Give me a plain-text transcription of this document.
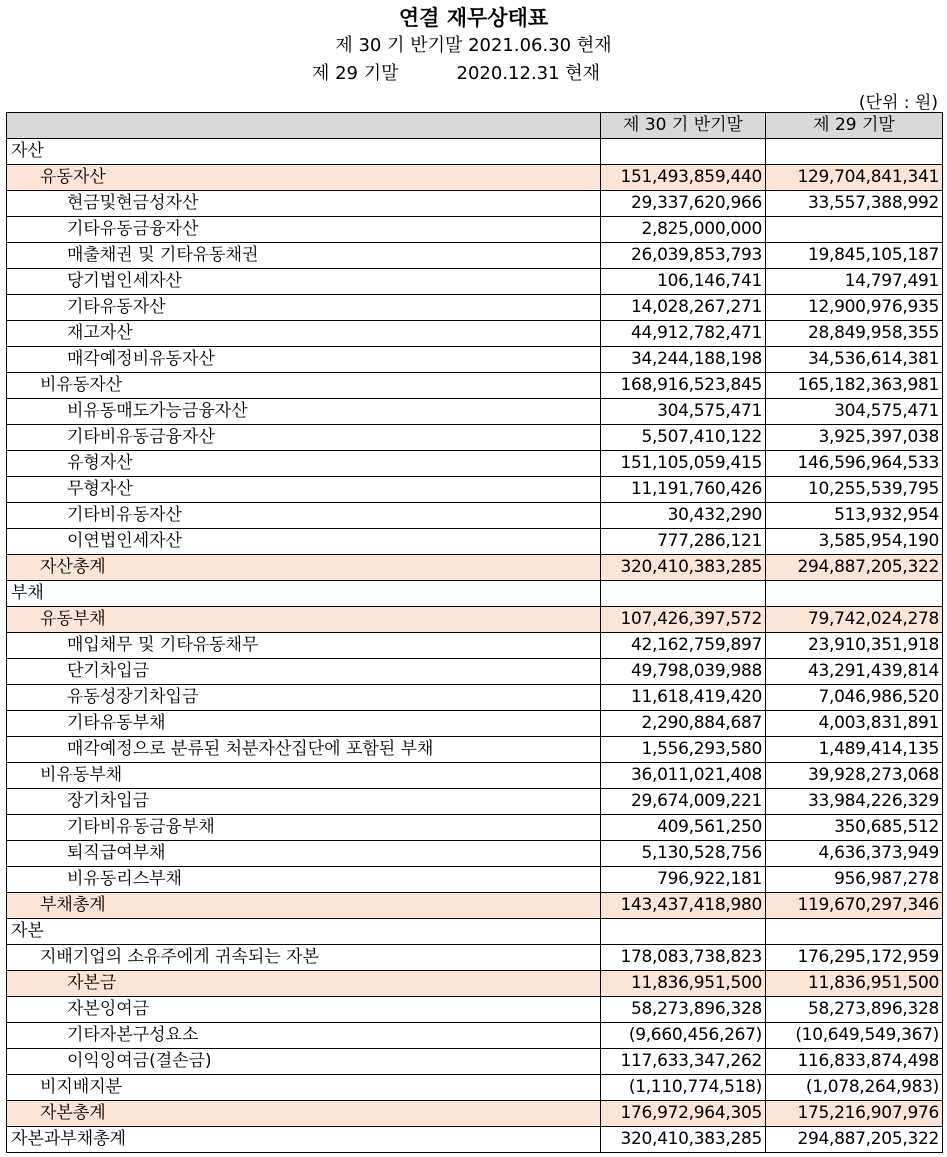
연결 재무상태표
제 30 기 반기말 2021.06.30 현재
제 29 기말	2020.12.31 현재
(단위 : 원)
	제 30 기 반기말	제 29 기말
자산		
유동자산	151,493,859,440	129,704,841,341
현금및현금성자산	29,337,620,966	33,557,388,992
기타유동금융자산	2,825,000,000	
매출채권 및 기타유동채권	26,039,853,793	19,845,105,187
당기법인세자산	106,146,741	14,797,491
기타유동자산	14,028,267,271	12,900,976,935
재고자산	44,912,782,471	28,849,958,355
매각예정비유동자산	34,244,188,198	34,536,614,381
비유동자산	168,916,523,845	165,182,363,981
비유동매도가능금융자산	304,575,471	304,575,471
기타비유동금융자산	5,507,410,122	3,925,397,038
유형자산	151,105,059,415	146,596,964,533
무형자산	11,191,760,426	10,255,539,795
기타비유동자산	30,432,290	513,932,954
이연법인세자산	777,286,121	3,585,954,190
자산총계	320,410,383,285	294,887,205,322
부채		
유동부채	107,426,397,572	79,742,024,278
매입채무 및 기타유동채무	42,162,759,897	23,910,351,918
단기차입금	49,798,039,988	43,291,439,814
유동성장기차입금	11,618,419,420	7,046,986,520
기타유동부채	2,290,884,687	4,003,831,891
매각예정으로 분류된 처분자산집단에 포함된 부채	1,556,293,580	1,489,414,135
비유동부채	36,011,021,408	39,928,273,068
장기차입금	29,674,009,221	33,984,226,329
기타비유동금융부채	409,561,250	350,685,512
퇴직급여부채	5,130,528,756	4,636,373,949
비유동리스부채	796,922,181	956,987,278
부채총계	143,437,418,980	119,670,297,346
자본		
지배기업의 소유주에게 귀속되는 자본	178,083,738,823	176,295,172,959
자본금	11,836,951,500	11,836,951,500
자본잉여금	58,273,896,328	58,273,896,328
기타자본구성요소	(9,660,456,267)	(10,649,549,367)
이익잉여금(결손금)	117,633,347,262	116,833,874,498
비지배지분	(1,110,774,518)	(1,078,264,983)
자본총계	176,972,964,305	175,216,907,976
자본과부채총계	320,410,383,285	294,887,205,322
